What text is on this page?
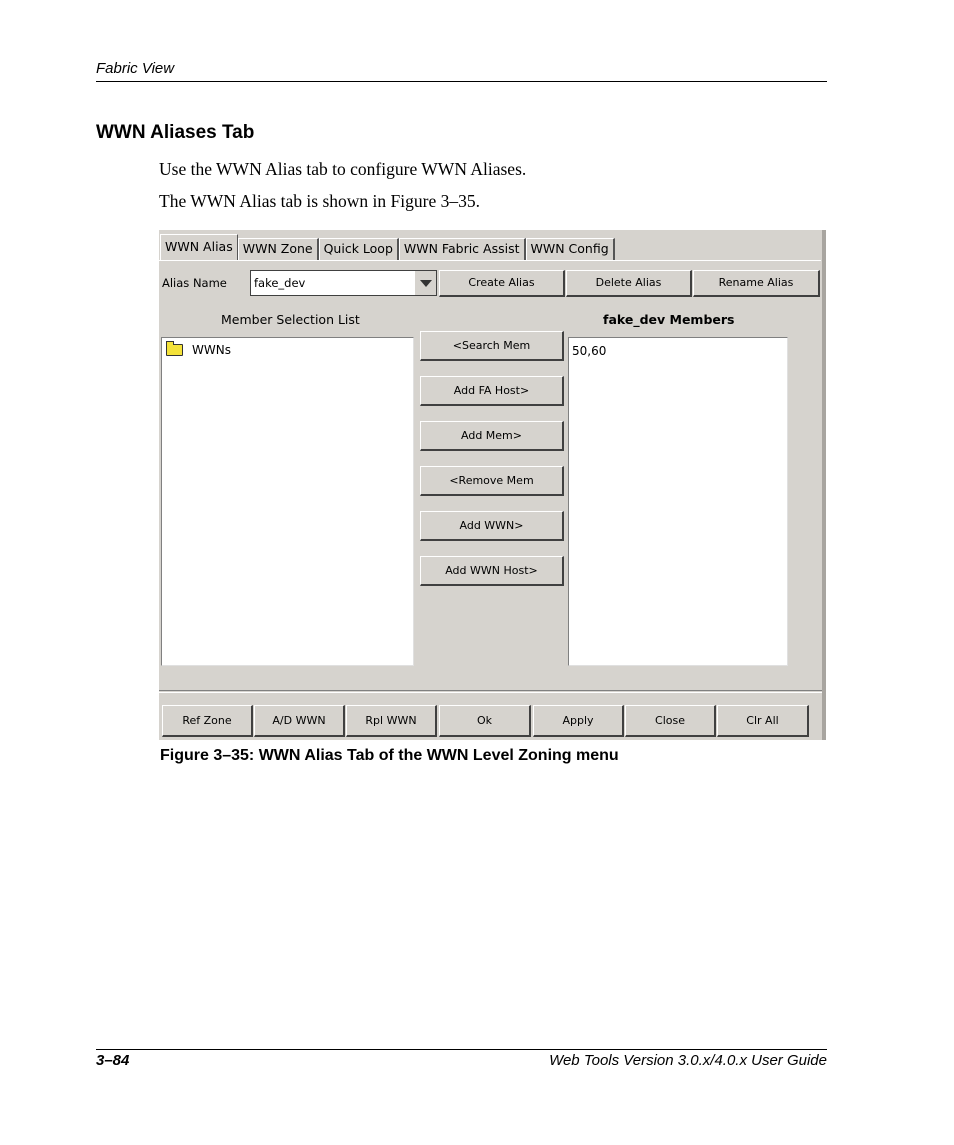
Fabric View
WWN Aliases Tab
Use the WWN Alias tab to configure WWN Aliases.
The WWN Alias tab is shown in Figure 3–35.
WWN Alias WWN Zone Quick Loop WWN Fabric Assist WWN Config
Alias Name fake_dev	Create Alias	Delete Alias	Rename Alias
Member Selection List	fake_dev Members
WWNs	<Search Mem
Add FA Host>
Add Mem>
<Remove Mem
Add WWN>
Add WWN Host>
50,60
Ref Zone	A/D WWN	Rpl WWN	Ok	Apply	Close	Clr All
Figure 3–35: WWN Alias Tab of the WWN Level Zoning menu
3–84	Web Tools Version 3.0.x/4.0.x User Guide
